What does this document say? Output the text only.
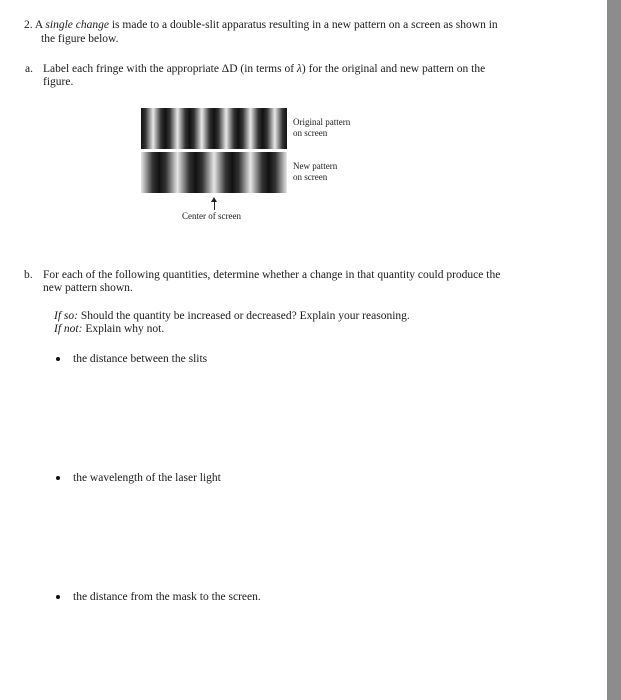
2. A single change is made to a double-slit apparatus resulting in a new pattern on a screen as shown in
the figure below.
a. Label each fringe with the appropriate ΔD (in terms of λ) for the original and new pattern on the
figure.
Original pattern
on screen
New pattern
on screen
Center of screen
b. For each of the following quantities, determine whether a change in that quantity could produce the
new pattern shown.
If so: Should the quantity be increased or decreased? Explain your reasoning.
If not: Explain why not.
the distance between the slits
the wavelength of the laser light
the distance from the mask to the screen.
